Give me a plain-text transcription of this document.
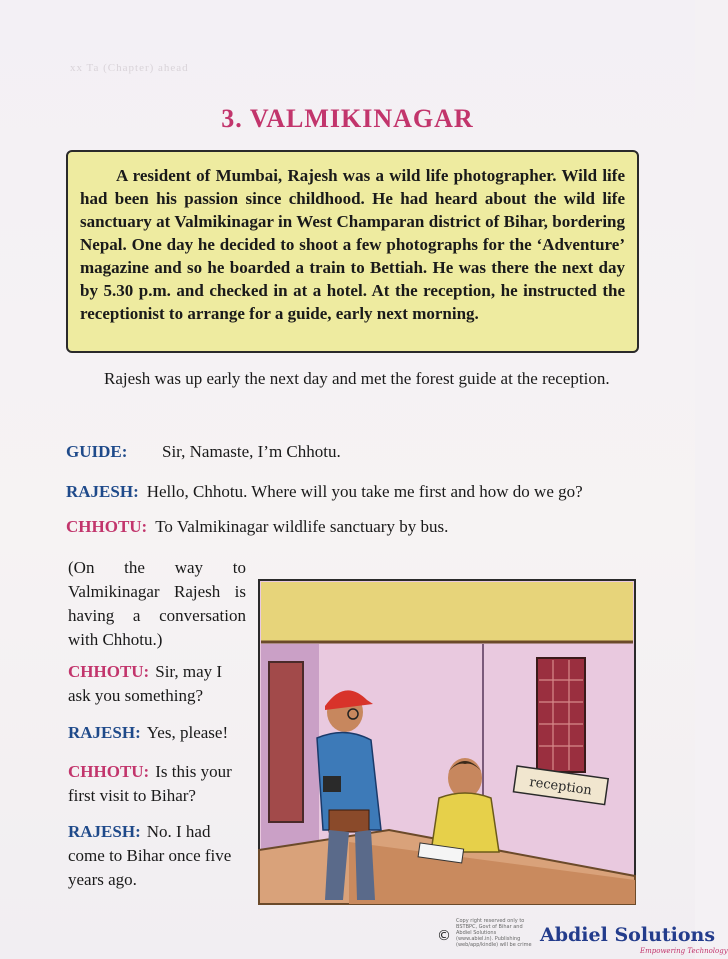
xx Ta (Chapter) ahead
3. VALMIKINAGAR

A resident of Mumbai, Rajesh was a wild life photographer. Wild life had been his passion since childhood. He had heard about the wild life sanctuary at Valmikinagar in West Champaran district of Bihar, bordering Nepal. One day he decided to shoot a few photographs for the ‘Adventure’ magazine and so he boarded a train to Bettiah. He was there the next day by 5.30 p.m. and checked in at a hotel. At the reception, he instructed the receptionist to arrange for a guide, early next morning.

Rajesh was up early the next day and met the forest guide at the reception.
GUIDE: Sir, Namaste, I’m Chhotu.
RAJESH: Hello, Chhotu. Where will you take me first and how do we go?
CHHOTU: To Valmikinagar wildlife sanctuary by bus.
(On the way to
Valmikinagar Rajesh is having a conversation with Chhotu.)
CHHOTU: Sir, may I ask you something?
RAJESH: Yes, please!
CHHOTU: Is this your first visit to Bihar?
RAJESH: No. I had come to Bihar once five years ago.
reception
Copy right reserved only to BSTBPC, Govt of Bihar and Abdiel Solutions (www.abiel.in). Publishing (web/app/kindle) will be crime
©	Abdiel Solutions
Empowering Technology
